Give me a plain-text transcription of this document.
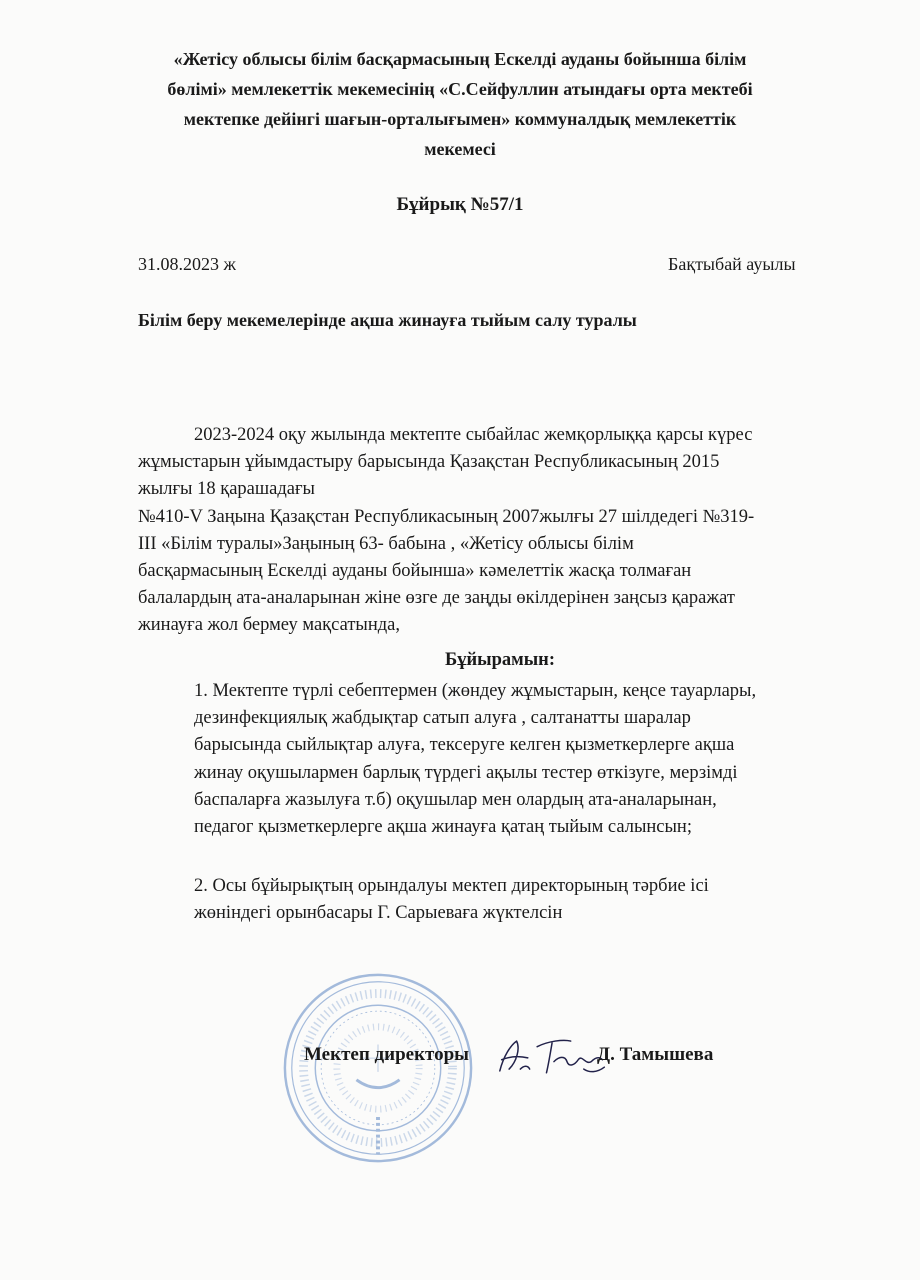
«Жетісу облысы білім басқармасының Ескелді ауданы бойынша білім
бөлімі» мемлекеттік мекемесінің «С.Сейфуллин атындағы орта мектебі
мектепке дейінгі шағын-орталығымен» коммуналдық мемлекеттік
мекемесі
Бұйрық №57/1
31.08.2023 ж	Бақтыбай ауылы
Білім беру мекемелерінде ақша жинауға тыйым салу туралы
2023-2024 оқу жылында мектепте сыбайлас жемқорлыққа қарсы күрес
жұмыстарын ұйымдастыру барысында Қазақстан Республикасының 2015
жылғы 18 қарашадағы
№410-V Заңына Қазақстан Республикасының 2007жылғы 27 шілдедегі №319-
III «Білім туралы»Заңының 63- бабына , «Жетісу облысы білім
басқармасының Ескелді ауданы бойынша» кәмелеттік жасқа толмаған
балалардың ата-аналарынан жіне өзге де заңды өкілдерінен заңсыз қаражат
жинауға жол бермеу мақсатында,
Бұйырамын:
1. Мектепте түрлі себептермен (жөндеу жұмыстарын, кеңсе тауарлары,
дезинфекциялық жабдықтар сатып алуға , салтанатты шаралар
барысында сыйлықтар алуға, тексеруге келген қызметкерлерге ақша
жинау оқушылармен барлық түрдегі ақылы тестер өткізуге, мерзімді
баспаларға жазылуға т.б) оқушылар мен олардың ата-аналарынан,
педагог қызметкерлерге ақша жинауға қатаң тыйым салынсын;
2. Осы бұйырықтың орындалуы мектеп директорының тәрбие ісі
жөніндегі орынбасары Г. Сарыеваға жүктелсін
Мектеп директоры	Д. Тамышева
